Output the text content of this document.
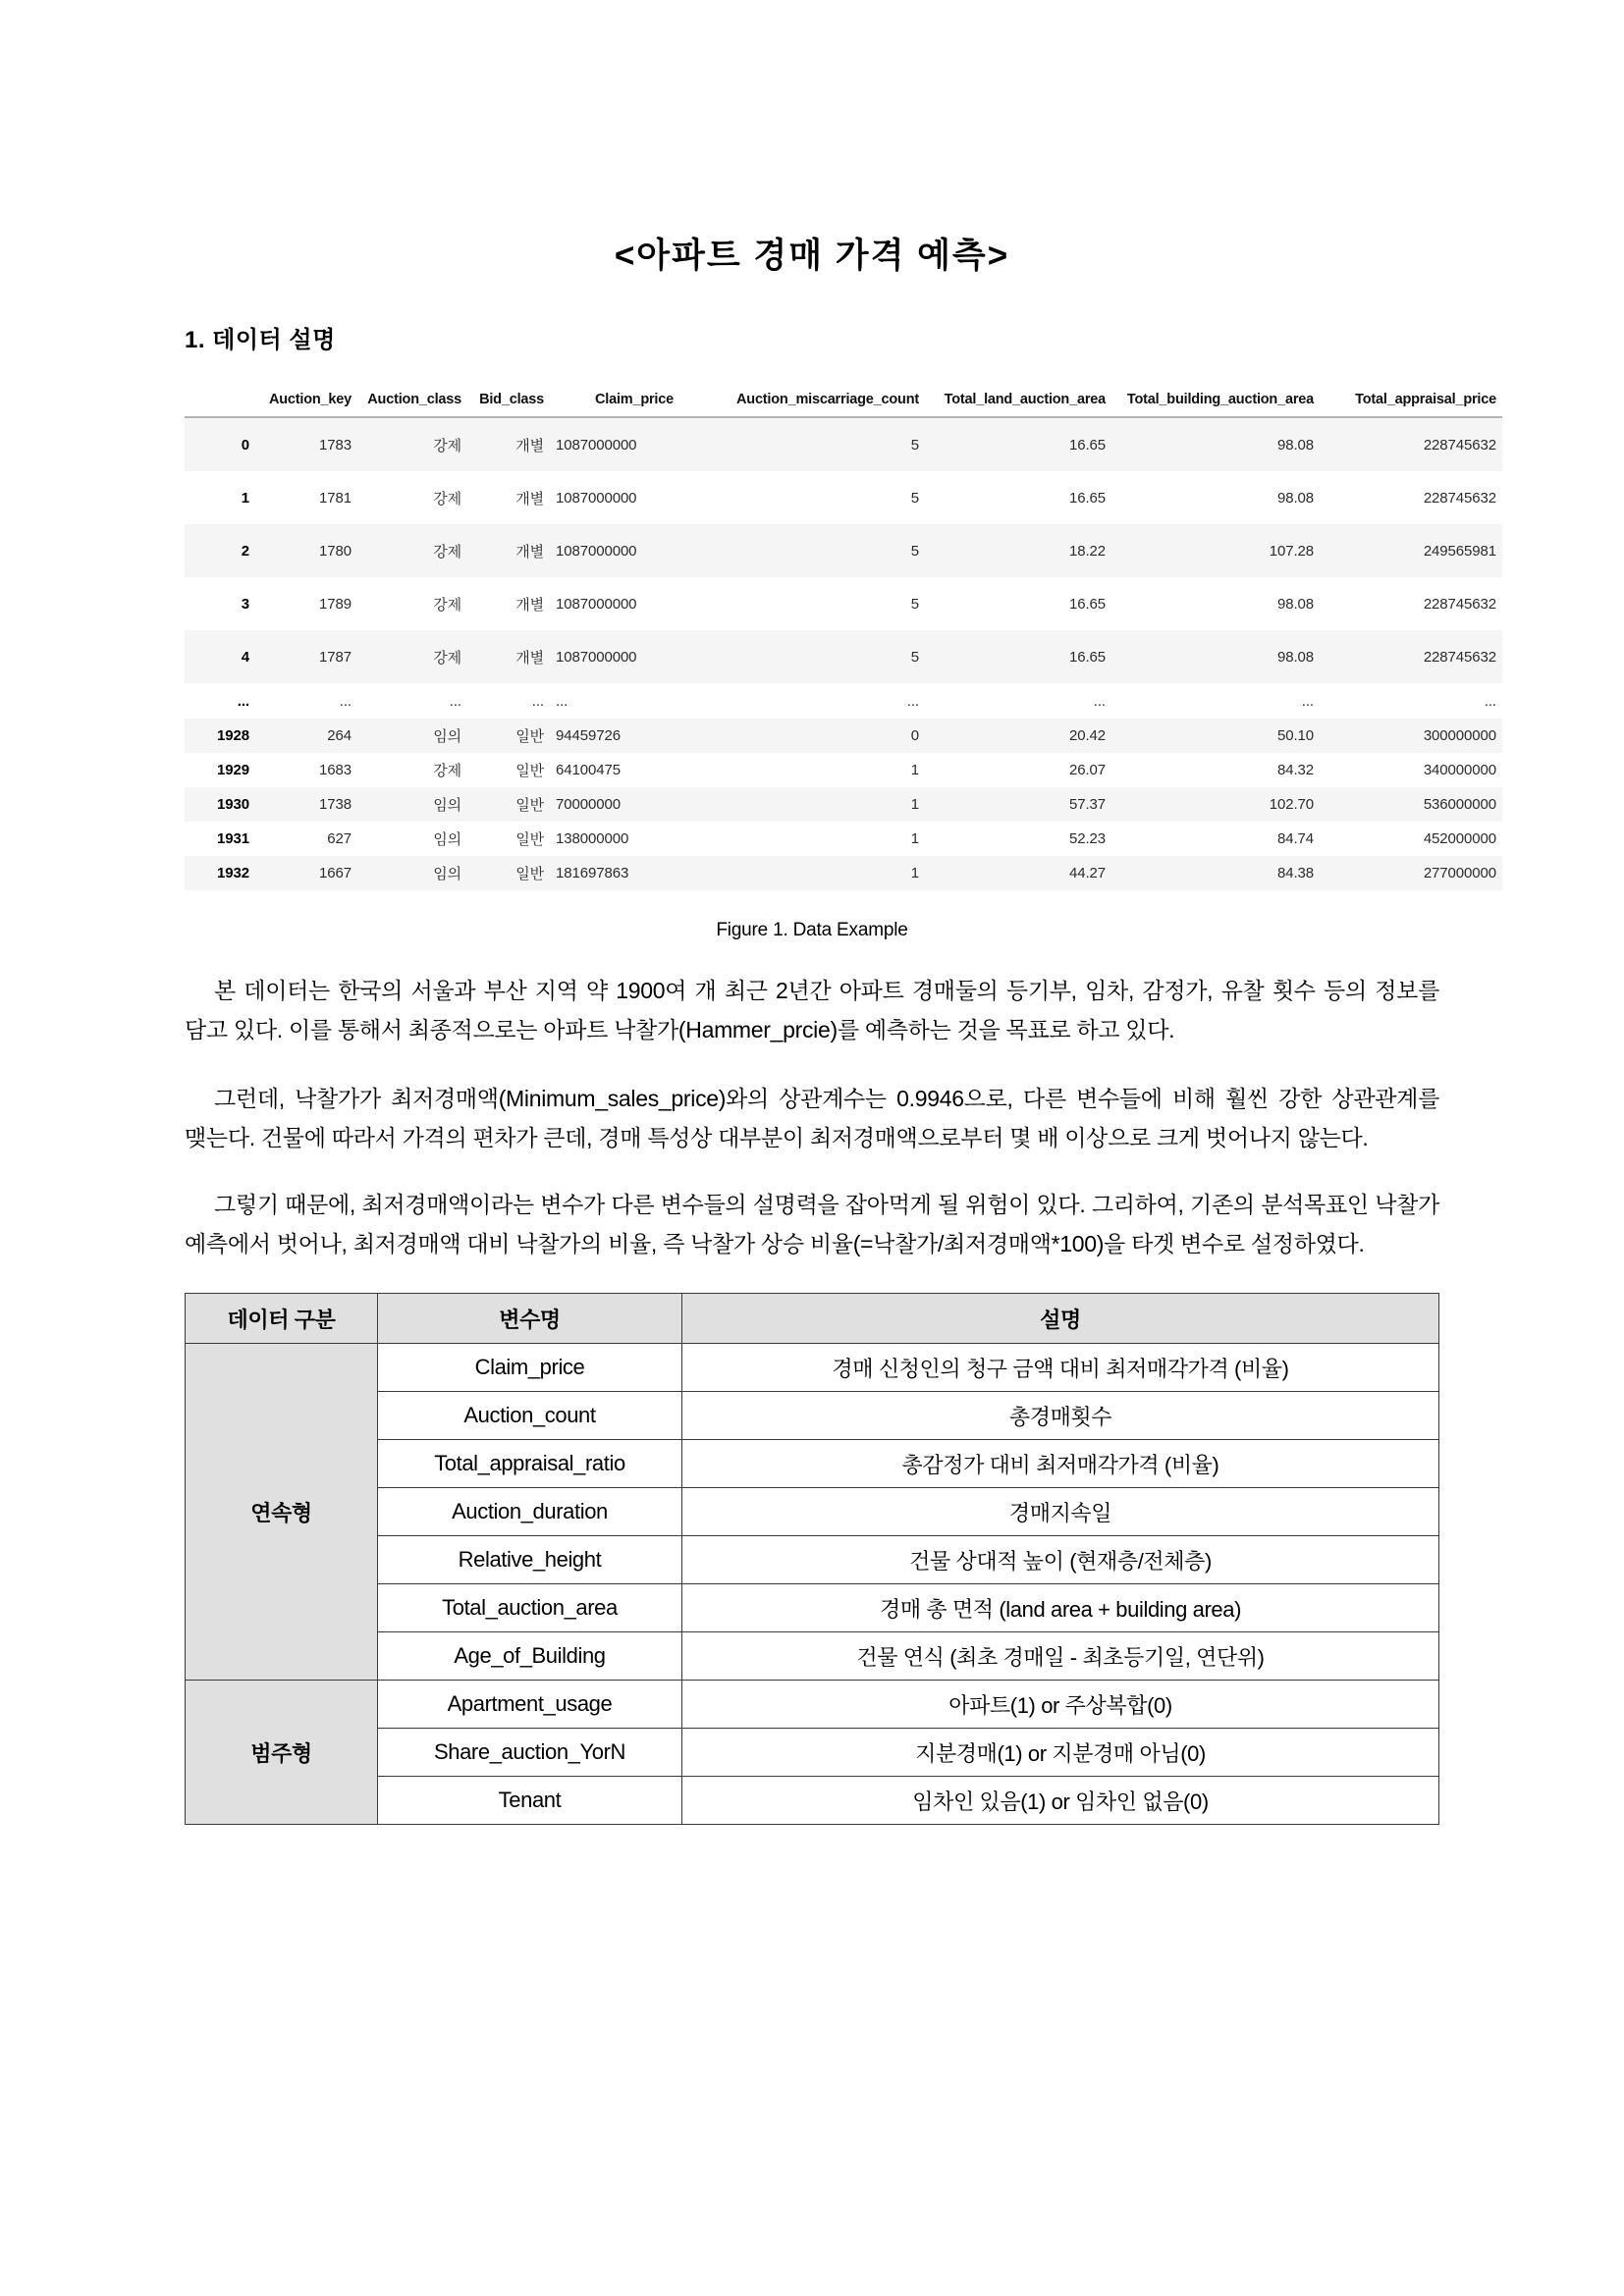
<아파트 경매 가격 예측>
1. 데이터 설명
	Auction_key	Auction_class	Bid_class	Claim_price	Auction_miscarriage_count	Total_land_auction_area	Total_building_auction_area	Total_appraisal_price
0	1783	강제	개별	1087000000	5	16.65	98.08	228745632
1	1781	강제	개별	1087000000	5	16.65	98.08	228745632
2	1780	강제	개별	1087000000	5	18.22	107.28	249565981
3	1789	강제	개별	1087000000	5	16.65	98.08	228745632
4	1787	강제	개별	1087000000	5	16.65	98.08	228745632
...	...	...	...	...	...	...	...	...
1928	264	임의	일반	94459726	0	20.42	50.10	300000000
1929	1683	강제	일반	64100475	1	26.07	84.32	340000000
1930	1738	임의	일반	70000000	1	57.37	102.70	536000000
1931	627	임의	일반	138000000	1	52.23	84.74	452000000
1932	1667	임의	일반	181697863	1	44.27	84.38	277000000

Figure 1. Data Example

본 데이터는 한국의 서울과 부산 지역 약 1900여 개 최근 2년간 아파트 경매둘의 등기부, 임차, 감정가, 유찰 횟수 등의 정보를 담고 있다. 이를 통해서 최종적으로는 아파트 낙찰가(Hammer_prcie)를 예측하는 것을 목표로 하고 있다.

그런데, 낙찰가가 최저경매액(Minimum_sales_price)와의 상관계수는 0.9946으로, 다른 변수들에 비해 훨씬 강한 상관관계를 맺는다. 건물에 따라서 가격의 편차가 큰데, 경매 특성상 대부분이 최저경매액으로부터 몇 배 이상으로 크게 벗어나지 않는다.

그렇기 때문에, 최저경매액이라는 변수가 다른 변수들의 설명력을 잡아먹게 될 위험이 있다. 그리하여, 기존의 분석목표인 낙찰가 예측에서 벗어나, 최저경매액 대비 낙찰가의 비율, 즉 낙찰가 상승 비율(=낙찰가/최저경매액*100)을 타겟 변수로 설정하였다.

데이터 구분	변수명	설명
연속형	Claim_price	경매 신청인의 청구 금액 대비 최저매각가격 (비율)
	Auction_count	총경매횟수
	Total_appraisal_ratio	총감정가 대비 최저매각가격 (비율)
	Auction_duration	경매지속일
	Relative_height	건물 상대적 높이 (현재층/전체층)
	Total_auction_area	경매 총 면적 (land area + building area)
	Age_of_Building	건물 연식 (최초 경매일 - 최초등기일, 연단위)
범주형	Apartment_usage	아파트(1) or 주상복합(0)
	Share_auction_YorN	지분경매(1) or 지분경매 아님(0)
	Tenant	임차인 있음(1) or 임차인 없음(0)
